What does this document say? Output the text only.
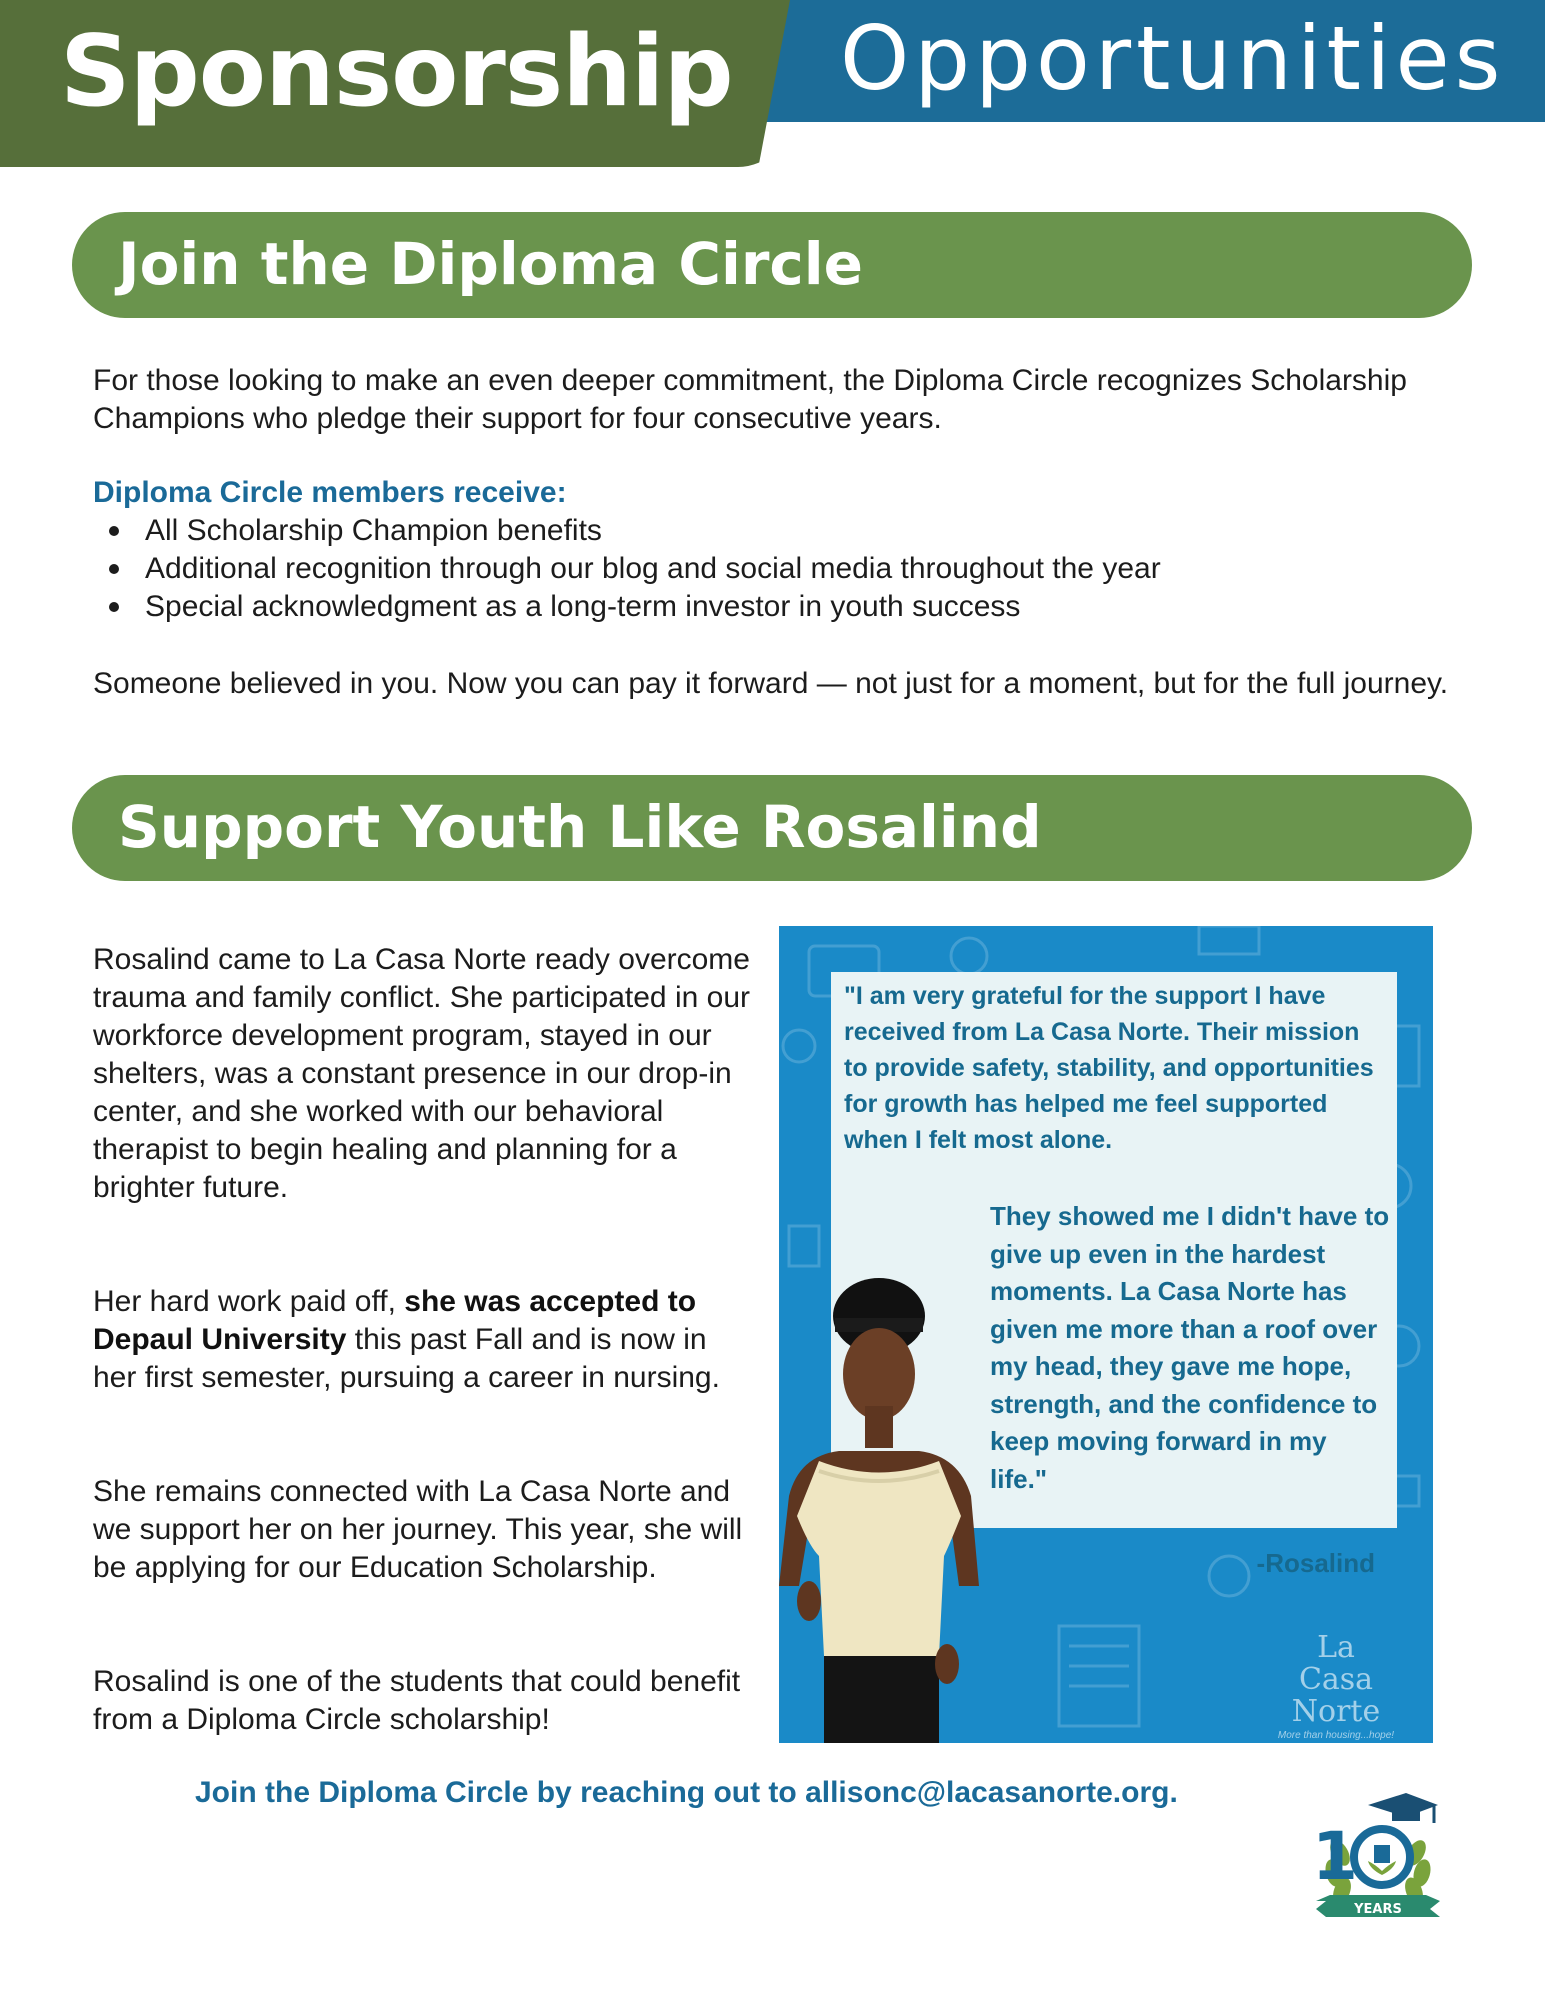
Sponsorship Opportunities
Join the Diploma Circle

For those looking to make an even deeper commitment, the Diploma Circle recognizes Scholarship Champions who pledge their support for four consecutive years.

Diploma Circle members receive:

All Scholarship Champion benefits
Additional recognition through our blog and social media throughout the year
Special acknowledgment as a long-term investor in youth success

Someone believed in you. Now you can pay it forward — not just for a moment, but for the full journey.

Support Youth Like Rosalind

Rosalind came to La Casa Norte ready overcome trauma and family conflict. She participated in our workforce development program, stayed in our shelters, was a constant presence in our drop-in center, and she worked with our behavioral therapist to begin healing and planning for a brighter future.

Her hard work paid off, she was accepted to Depaul University this past Fall and is now in her first semester, pursuing a career in nursing.

She remains connected with La Casa Norte and we support her on her journey. This year, she will be applying for our Education Scholarship.

Rosalind is one of the students that could benefit from a Diploma Circle scholarship!

"I am very grateful for the support I have received from La Casa Norte. Their mission to provide safety, stability, and opportunities for growth has helped me feel supported when I felt most alone.

They showed me I didn't have to give up even in the hardest moments. La Casa Norte has given me more than a roof over my head, they gave me hope, strength, and the confidence to keep moving forward in my life."

-Rosalind

La Casa
Norte
More than housing...hope!

Join the Diploma Circle by reaching out to allisonc@lacasanorte.org.

1
YEARS
